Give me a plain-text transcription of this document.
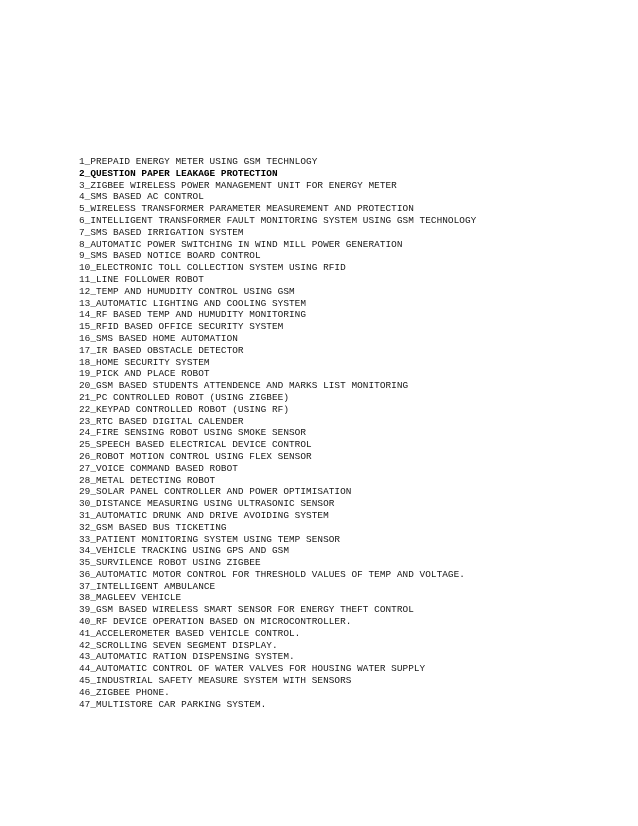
1_PREPAID ENERGY METER USING GSM TECHNLOGY
2_QUESTION PAPER LEAKAGE PROTECTION
3_ZIGBEE WIRELESS POWER MANAGEMENT UNIT FOR ENERGY METER
4_SMS BASED AC CONTROL
5_WIRELESS TRANSFORMER PARAMETER MEASUREMENT AND PROTECTION
6_INTELLIGENT TRANSFORMER FAULT MONITORING SYSTEM USING GSM TECHNOLOGY
7_SMS BASED IRRIGATION SYSTEM
8_AUTOMATIC POWER SWITCHING IN WIND MILL POWER GENERATION
9_SMS BASED NOTICE BOARD CONTROL
10_ELECTRONIC TOLL COLLECTION SYSTEM USING RFID
11_LINE FOLLOWER ROBOT
12_TEMP AND HUMUDITY CONTROL USING GSM
13_AUTOMATIC LIGHTING AND COOLING SYSTEM
14_RF BASED TEMP AND HUMUDITY MONITORING
15_RFID BASED OFFICE SECURITY SYSTEM
16_SMS BASED HOME AUTOMATION
17_IR BASED OBSTACLE DETECTOR
18_HOME SECURITY SYSTEM
19_PICK AND PLACE ROBOT
20_GSM BASED STUDENTS ATTENDENCE AND MARKS LIST MONITORING
21_PC CONTROLLED ROBOT (USING ZIGBEE)
22_KEYPAD CONTROLLED ROBOT (USING RF)
23_RTC BASED DIGITAL CALENDER
24_FIRE SENSING ROBOT USING SMOKE SENSOR
25_SPEECH BASED ELECTRICAL DEVICE CONTROL
26_ROBOT MOTION CONTROL USING FLEX SENSOR
27_VOICE COMMAND BASED ROBOT
28_METAL DETECTING ROBOT
29_SOLAR PANEL CONTROLLER AND POWER OPTIMISATION
30_DISTANCE MEASURING USING ULTRASONIC SENSOR
31_AUTOMATIC DRUNK AND DRIVE AVOIDING SYSTEM
32_GSM BASED BUS TICKETING
33_PATIENT MONITORING SYSTEM USING TEMP SENSOR
34_VEHICLE TRACKING USING GPS AND GSM
35_SURVILENCE ROBOT USING ZIGBEE
36_AUTOMATIC MOTOR CONTROL FOR THRESHOLD VALUES OF TEMP AND VOLTAGE.
37_INTELLIGENT AMBULANCE
38_MAGLEEV VEHICLE
39_GSM BASED WIRELESS SMART SENSOR FOR ENERGY THEFT CONTROL
40_RF DEVICE OPERATION BASED ON MICROCONTROLLER.
41_ACCELEROMETER BASED VEHICLE CONTROL.
42_SCROLLING SEVEN SEGMENT DISPLAY.
43_AUTOMATIC RATION DISPENSING SYSTEM.
44_AUTOMATIC CONTROL OF WATER VALVES FOR HOUSING WATER SUPPLY
45_INDUSTRIAL SAFETY MEASURE SYSTEM WITH SENSORS
46_ZIGBEE PHONE.
47_MULTISTORE CAR PARKING SYSTEM.
